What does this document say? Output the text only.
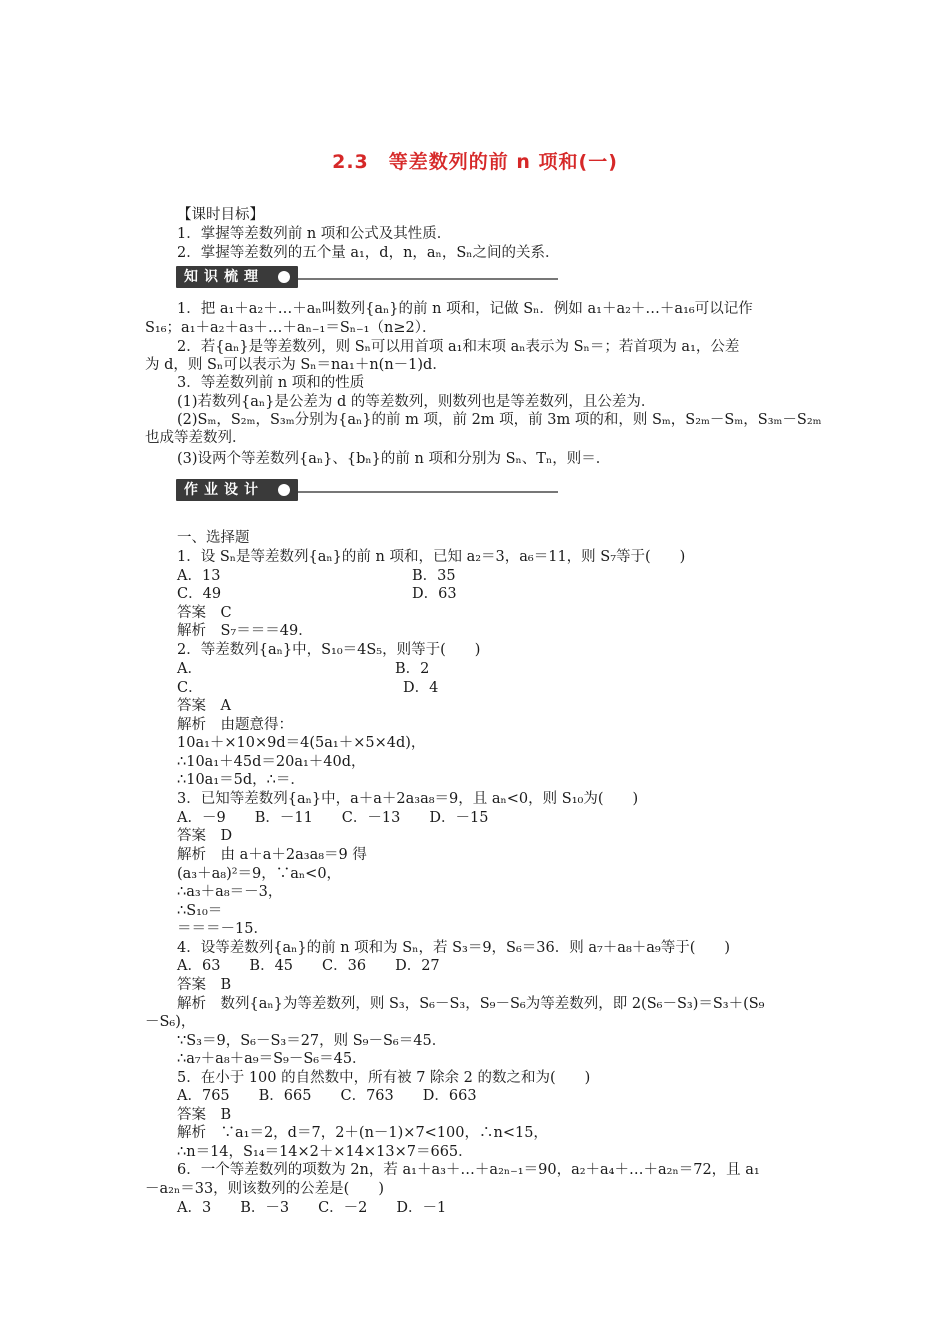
2.3　等差数列的前 n 项和(一)
【课时目标】
1．掌握等差数列前 n 项和公式及其性质．
2．掌握等差数列的五个量 a₁，d，n，aₙ，Sₙ之间的关系．
知识梳理
1．把 a₁＋a₂＋…＋aₙ叫数列{aₙ}的前 n 项和，记做 Sₙ．例如 a₁＋a₂＋…＋a₁₆可以记作
S₁₆；a₁＋a₂＋a₃＋…＋aₙ₋₁＝Sₙ₋₁（n≥2）．
2．若{aₙ}是等差数列，则 Sₙ可以用首项 a₁和末项 aₙ表示为 Sₙ＝；若首项为 a₁，公差
为 d，则 Sₙ可以表示为 Sₙ＝na₁＋n(n－1)d．
3．等差数列前 n 项和的性质
(1)若数列{aₙ}是公差为 d 的等差数列，则数列也是等差数列，且公差为．
(2)Sₘ，S₂ₘ，S₃ₘ分别为{aₙ}的前 m 项，前 2m 项，前 3m 项的和，则 Sₘ，S₂ₘ－Sₘ，S₃ₘ－S₂ₘ
也成等差数列．
(3)设两个等差数列{aₙ}、{bₙ}的前 n 项和分别为 Sₙ、Tₙ，则＝．
作业设计
一、选择题
1．设 Sₙ是等差数列{aₙ}的前 n 项和，已知 a₂＝3，a₆＝11，则 S₇等于(　　)
A．13	B．35
C．49	D．63
答案　C
解析　S₇＝＝＝49．
2．等差数列{aₙ}中，S₁₀＝4S₅，则等于(　　)
A．	B．2
C．	D．4
答案　A
解析　由题意得：
10a₁＋×10×9d＝4(5a₁＋×5×4d)，
∴10a₁＋45d＝20a₁＋40d，
∴10a₁＝5d，∴＝．
3．已知等差数列{aₙ}中，a＋a＋2a₃a₈＝9，且 aₙ<0，则 S₁₀为(　　)
A．－9　　B．－11　　C．－13　　D．－15
答案　D
解析　由 a＋a＋2a₃a₈＝9 得
(a₃＋a₈)²＝9，∵aₙ<0，
∴a₃＋a₈＝－3，
∴S₁₀＝
＝＝＝－15．
4．设等差数列{aₙ}的前 n 项和为 Sₙ，若 S₃＝9，S₆＝36．则 a₇＋a₈＋a₉等于(　　)
A．63　　B．45　　C．36　　D．27
答案　B
解析　数列{aₙ}为等差数列，则 S₃，S₆－S₃，S₉－S₆为等差数列，即 2(S₆－S₃)＝S₃＋(S₉
－S₆)，
∵S₃＝9，S₆－S₃＝27，则 S₉－S₆＝45．
∴a₇＋a₈＋a₉＝S₉－S₆＝45．
5．在小于 100 的自然数中，所有被 7 除余 2 的数之和为(　　)
A．765　　B．665　　C．763　　D．663
答案　B
解析　∵a₁＝2，d＝7，2＋(n－1)×7<100，∴n<15，
∴n＝14，S₁₄＝14×2＋×14×13×7＝665．
6．一个等差数列的项数为 2n，若 a₁＋a₃＋…＋a₂ₙ₋₁＝90，a₂＋a₄＋…＋a₂ₙ＝72，且 a₁
－a₂ₙ＝33，则该数列的公差是(　　)
A．3　　B．－3　　C．－2　　D．－1
